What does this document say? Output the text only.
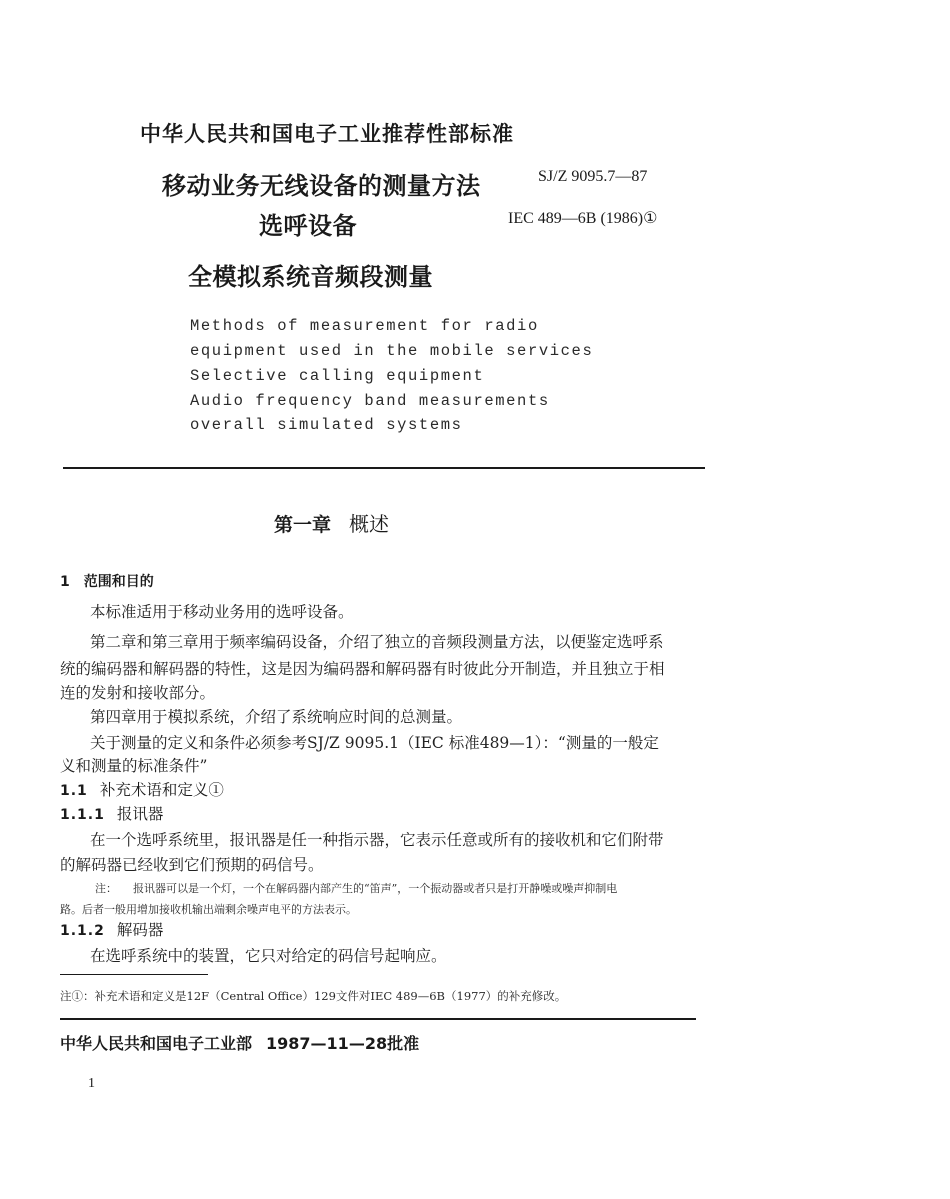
中华人民共和国电子工业推荐性部标准
移动业务无线设备的测量方法
选呼设备
全模拟系统音频段测量
SJ/Z 9095.7—87
IEC 489—6B (1986)①
Methods of measurement for radio
equipment used in the mobile services
Selective calling equipment
Audio frequency band measurements
overall simulated systems
第一章 概述
1 范围和目的
本标准适用于移动业务用的选呼设备。
第二章和第三章用于频率编码设备，介绍了独立的音频段测量方法，以便鉴定选呼系
统的编码器和解码器的特性，这是因为编码器和解码器有时彼此分开制造，并且独立于相
连的发射和接收部分。
第四章用于模拟系统，介绍了系统响应时间的总测量。
关于测量的定义和条件必须参考SJ/Z 9095.1（IEC 标准489—1）：“测量的一般定
义和测量的标准条件”
1.1 补充术语和定义①
1.1.1 报讯器
在一个选呼系统里，报讯器是任一种指示器，它表示任意或所有的接收机和它们附带
的解码器已经收到它们预期的码信号。
注： 报讯器可以是一个灯，一个在解码器内部产生的“笛声”，一个振动器或者只是打开静噪或噪声抑制电
路。后者一般用增加接收机输出端剩余噪声电平的方法表示。
1.1.2 解码器
在选呼系统中的装置，它只对给定的码信号起响应。
注①：补充术语和定义是12F（Central Office）129文件对IEC 489—6B（1977）的补充修改。
中华人民共和国电子工业部 1987—11—28批准
1
